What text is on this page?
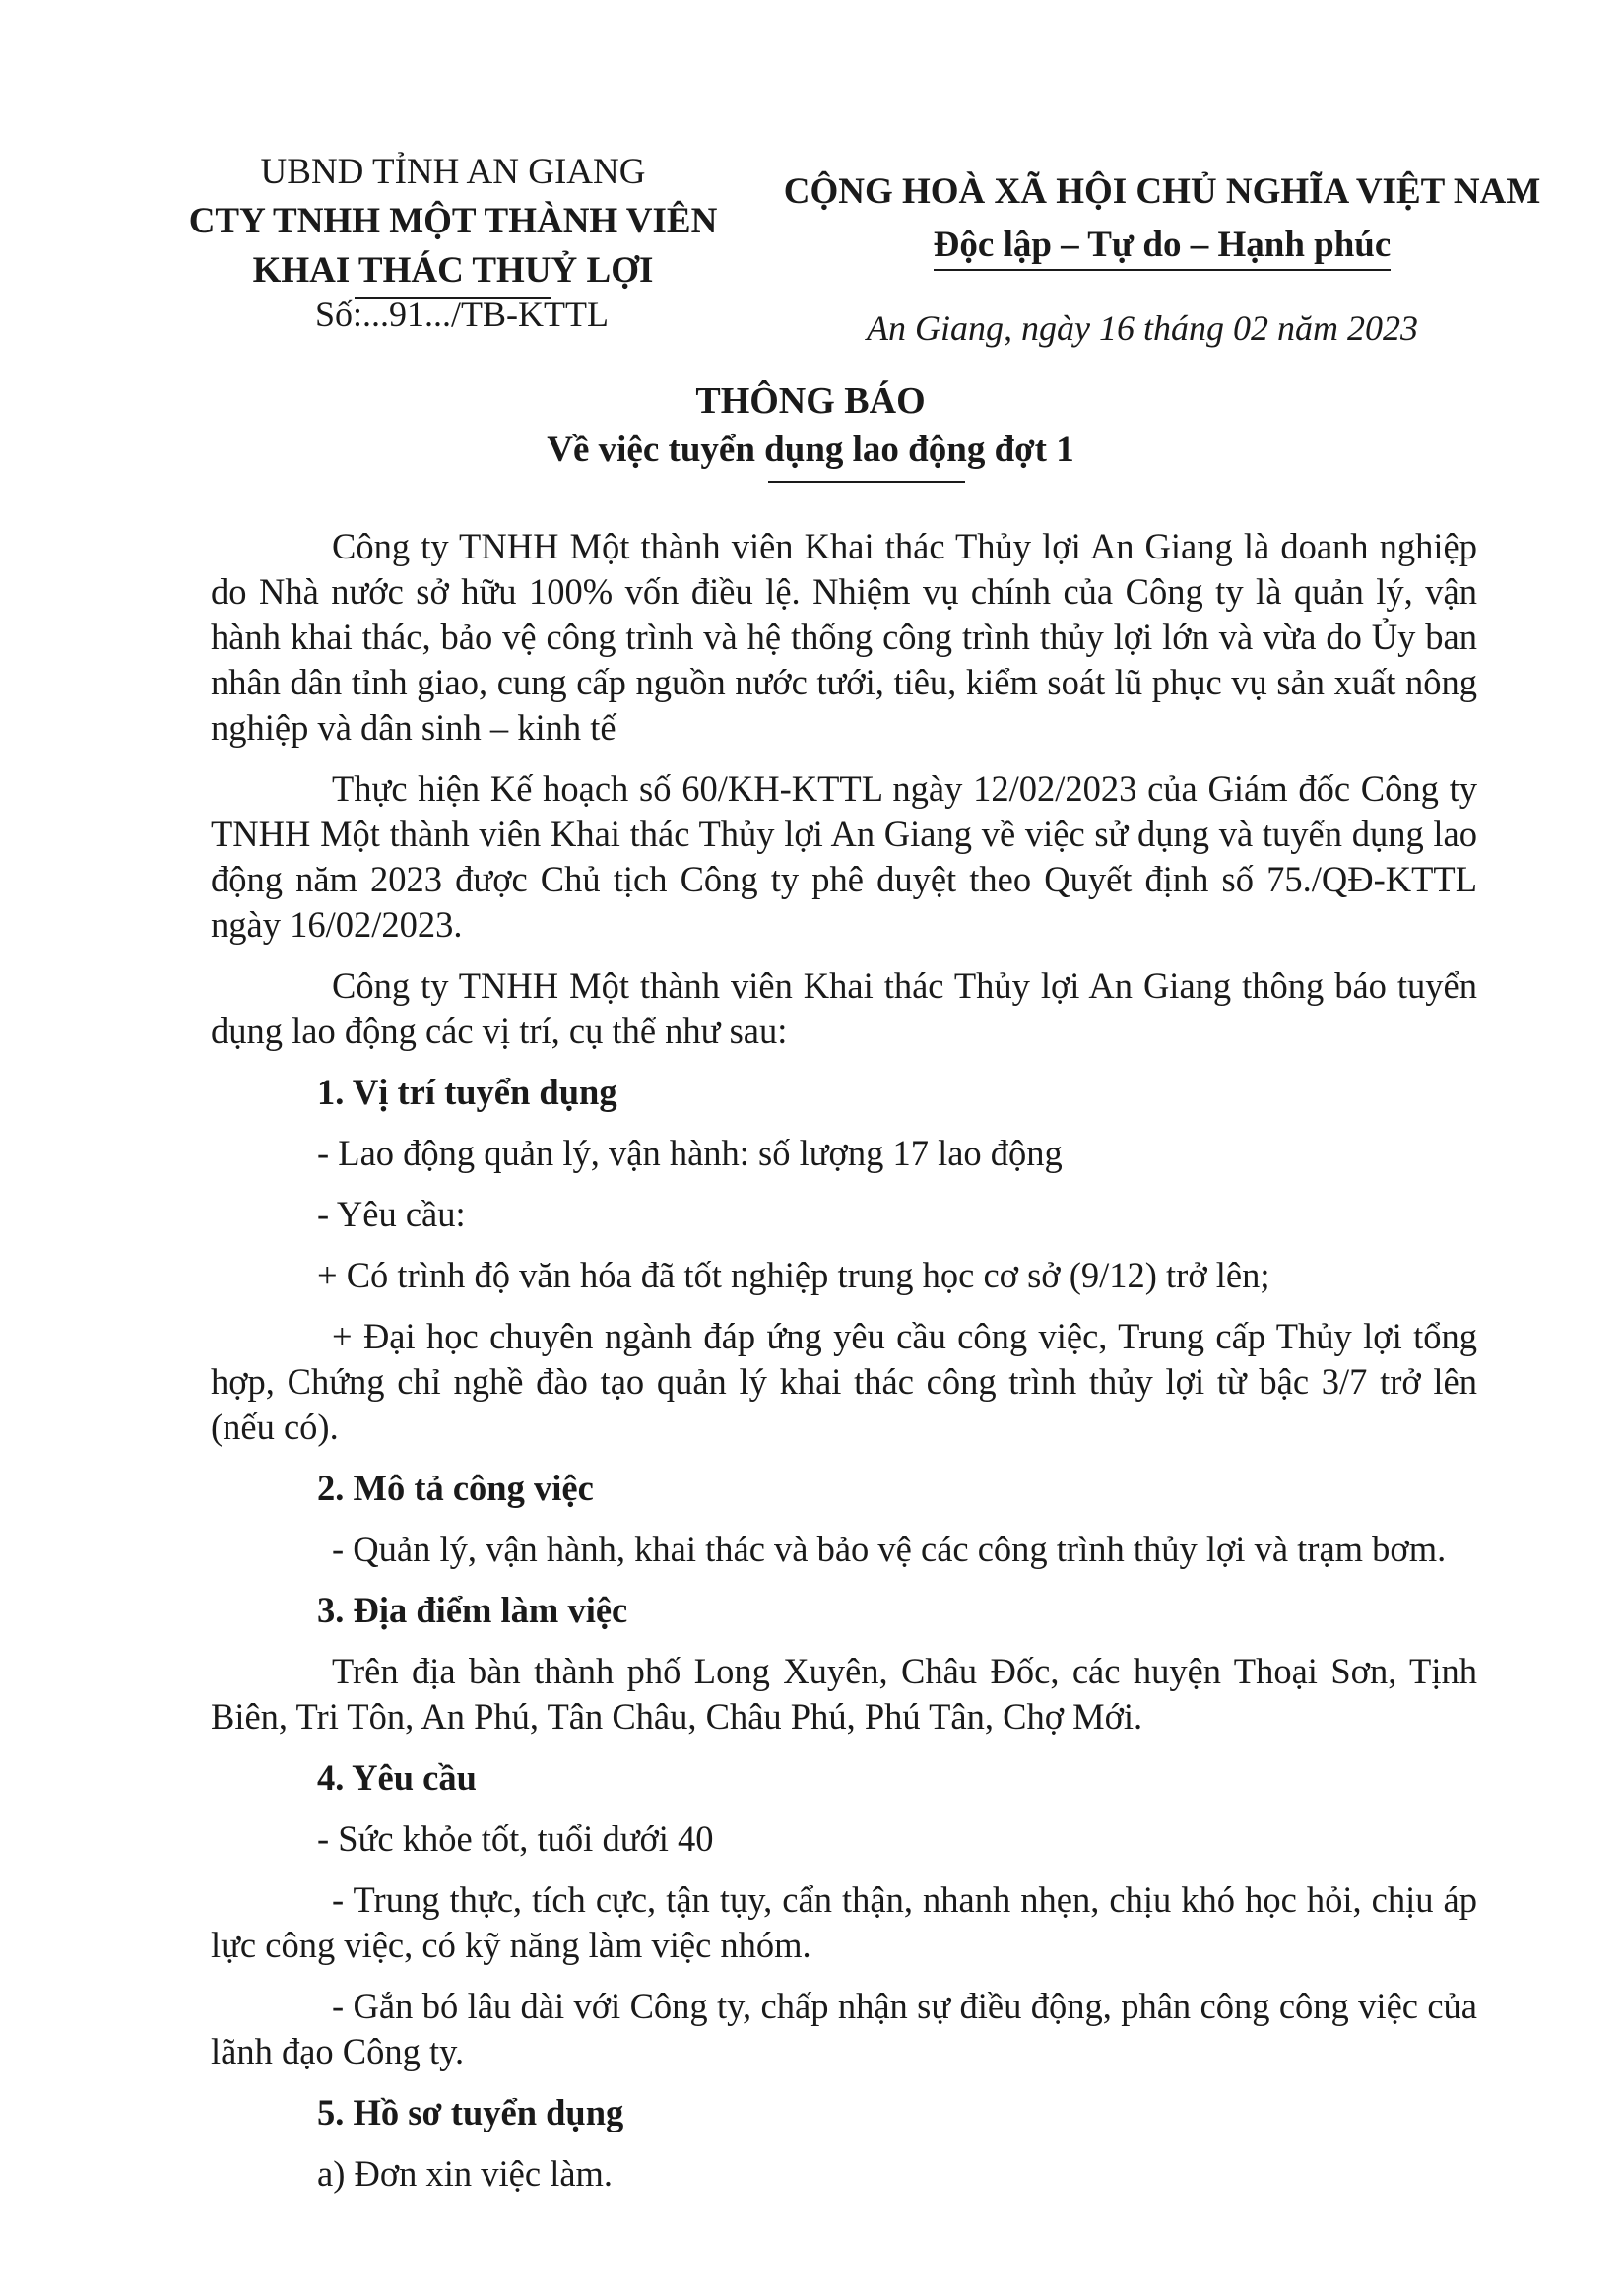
UBND TỈNH AN GIANG
CTY TNHH MỘT THÀNH VIÊN
KHAI THÁC THUỶ LỢI
Số:...91.../TB-KTTL
CỘNG HOÀ XÃ HỘI CHỦ NGHĨA VIỆT NAM
Độc lập – Tự do – Hạnh phúc
An Giang, ngày 16 tháng 02 năm 2023
THÔNG BÁO
Về việc tuyển dụng lao động đợt 1

Công ty TNHH Một thành viên Khai thác Thủy lợi An Giang là doanh nghiệp do Nhà nước sở hữu 100% vốn điều lệ. Nhiệm vụ chính của Công ty là quản lý, vận hành khai thác, bảo vệ công trình và hệ thống công trình thủy lợi lớn và vừa do Ủy ban nhân dân tỉnh giao, cung cấp nguồn nước tưới, tiêu, kiểm soát lũ phục vụ sản xuất nông nghiệp và dân sinh – kinh tế

Thực hiện Kế hoạch số 60/KH-KTTL ngày 12/02/2023 của Giám đốc Công ty TNHH Một thành viên Khai thác Thủy lợi An Giang về việc sử dụng và tuyển dụng lao động năm 2023 được Chủ tịch Công ty phê duyệt theo Quyết định số 75./QĐ-KTTL ngày 16/02/2023.

Công ty TNHH Một thành viên Khai thác Thủy lợi An Giang thông báo tuyển dụng lao động các vị trí, cụ thể như sau:

1. Vị trí tuyển dụng

- Lao động quản lý, vận hành: số lượng 17 lao động

- Yêu cầu:

+ Có trình độ văn hóa đã tốt nghiệp trung học cơ sở (9/12) trở lên;

+ Đại học chuyên ngành đáp ứng yêu cầu công việc, Trung cấp Thủy lợi tổng hợp, Chứng chỉ nghề đào tạo quản lý khai thác công trình thủy lợi từ bậc 3/7 trở lên (nếu có).

2. Mô tả công việc

- Quản lý, vận hành, khai thác và bảo vệ các công trình thủy lợi và trạm bơm.

3. Địa điểm làm việc

Trên địa bàn thành phố Long Xuyên, Châu Đốc, các huyện Thoại Sơn, Tịnh Biên, Tri Tôn, An Phú, Tân Châu, Châu Phú, Phú Tân, Chợ Mới.

4. Yêu cầu

- Sức khỏe tốt, tuổi dưới 40

- Trung thực, tích cực, tận tụy, cẩn thận, nhanh nhẹn, chịu khó học hỏi, chịu áp lực công việc, có kỹ năng làm việc nhóm.

- Gắn bó lâu dài với Công ty, chấp nhận sự điều động, phân công công việc của lãnh đạo Công ty.

5. Hồ sơ tuyển dụng

a) Đơn xin việc làm.
